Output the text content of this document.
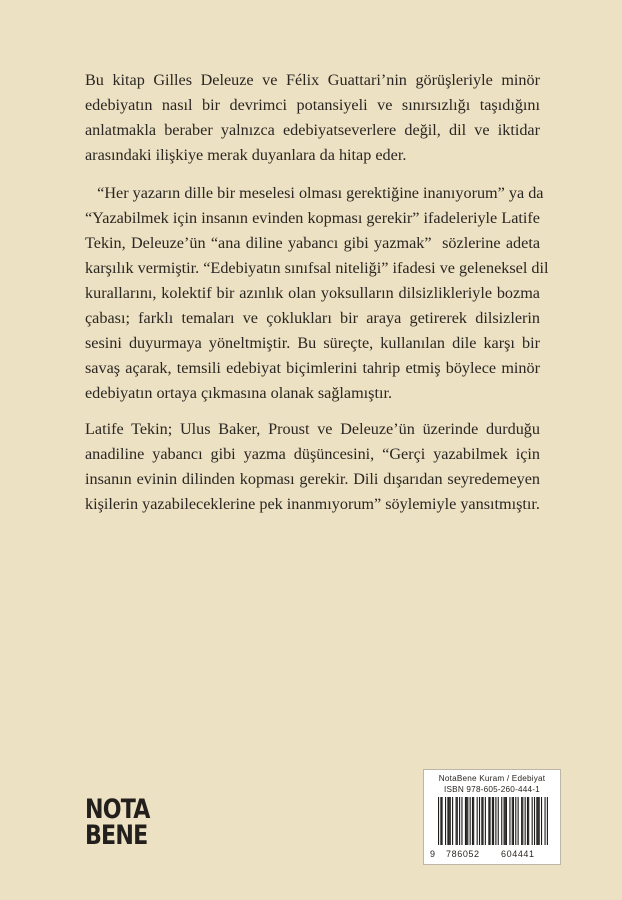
Bu kitap Gilles Deleuze ve Félix Guattari’nin görüşleriyle minör
edebiyatın nasıl bir devrimci potansiyeli ve sınırsızlığı taşıdığını
anlatmakla beraber yalnızca edebiyatseverlere değil, dil ve iktidar
arasındaki ilişkiye merak duyanlara da hitap eder.
“Her yazarın dille bir meselesi olması gerektiğine inanıyorum” ya da
“Yazabilmek için insanın evinden kopması gerekir” ifadeleriyle Latife
Tekin, Deleuze’ün “ana diline yabancı gibi yazmak”  sözlerine adeta
karşılık vermiştir. “Edebiyatın sınıfsal niteliği” ifadesi ve geleneksel dil
kurallarını, kolektif bir azınlık olan yoksulların dilsizlikleriyle bozma
çabası; farklı temaları ve çoklukları bir araya getirerek dilsizlerin
sesini duyurmaya yöneltmiştir. Bu süreçte, kullanılan dile karşı bir
savaş açarak, temsili edebiyat biçimlerini tahrip etmiş böylece minör
edebiyatın ortaya çıkmasına olanak sağlamıştır.
Latife Tekin; Ulus Baker, Proust ve Deleuze’ün üzerinde durduğu
anadiline yabancı gibi yazma düşüncesini, “Gerçi yazabilmek için
insanın evinin dilinden kopması gerekir. Dili dışarıdan seyredemeyen
kişilerin yazabileceklerine pek inanmıyorum” söylemiyle yansıtmıştır.
NOTA
BENE
NotaBene Kuram / Edebiyat
ISBN 978-605-260-444-1
9 786052 604441
